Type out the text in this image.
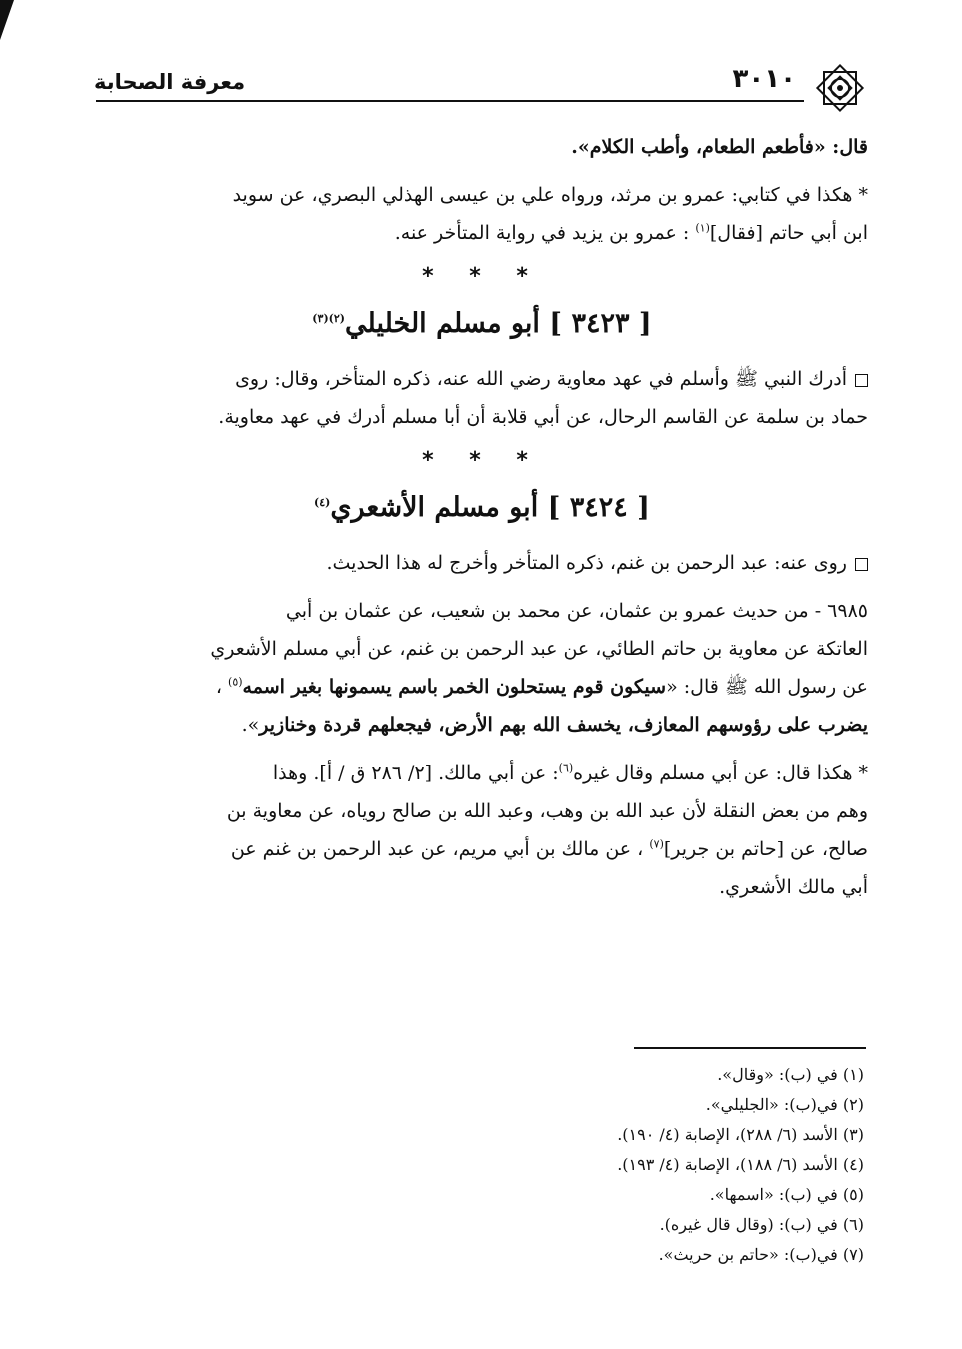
٣٠١٠
معرفة الصحابة

قال: «فأطعم الطعام، وأطب الكلام».

* هكذا في كتابي: عمرو بن مرثد، ورواه علي بن عيسى الهذلي البصري، عن سويد
ابن أبي حاتم [فقال]$^{(١)}$ : عمرو بن يزيد في رواية المتأخر عنه.

* * *
[ ٣٤٢٣ ] أبو مسلم الخليلي$^{(٢)(٣)}$

أدرك النبي ﷺ وأسلم في عهد معاوية رضي الله عنه، ذكره المتأخر، وقال: روى
حماد بن سلمة عن القاسم الرحال، عن أبي قلابة أن أبا مسلم أدرك في عهد معاوية.

* * *
[ ٣٤٢٤ ] أبو مسلم الأشعري$^{(٤)}$

روى عنه: عبد الرحمن بن غنم، ذكره المتأخر وأخرج له هذا الحديث.

٦٩٨٥ - من حديث عمرو بن عثمان، عن محمد بن شعيب، عن عثمان بن أبي
العاتكة عن معاوية بن حاتم الطائي، عن عبد الرحمن بن غنم، عن أبي مسلم الأشعري
عن رسول الله ﷺ قال: «سيكون قوم يستحلون الخمر باسم يسمونها بغير اسمه$^{(٥)}$ ،
يضرب على رؤوسهم المعازف، يخسف الله بهم الأرض، فيجعلهم قردة وخنازير».

* هكذا قال: عن أبي مسلم وقال غيره$^{(٦)}$: عن أبي مالك. [٢/ ٢٨٦ ق / أ]. وهذا
وهم من بعض النقلة لأن عبد الله بن وهب، وعبد الله بن صالح روياه، عن معاوية بن
صالح، عن [حاتم بن جرير]$^{(٧)}$ ، عن مالك بن أبي مريم، عن عبد الرحمن بن غنم عن
أبي مالك الأشعري.

(١) في (ب): «وقال».
(٢) في(ب): «الجليلي».
(٣) الأسد (٦/ ٢٨٨)، الإصابة (٤/ ١٩٠).
(٤) الأسد (٦/ ١٨٨)، الإصابة (٤/ ١٩٣).
(٥) في (ب): «اسمها».
(٦) في (ب): (وقال قال غيره).
(٧) في(ب): «حاتم بن حريث».
